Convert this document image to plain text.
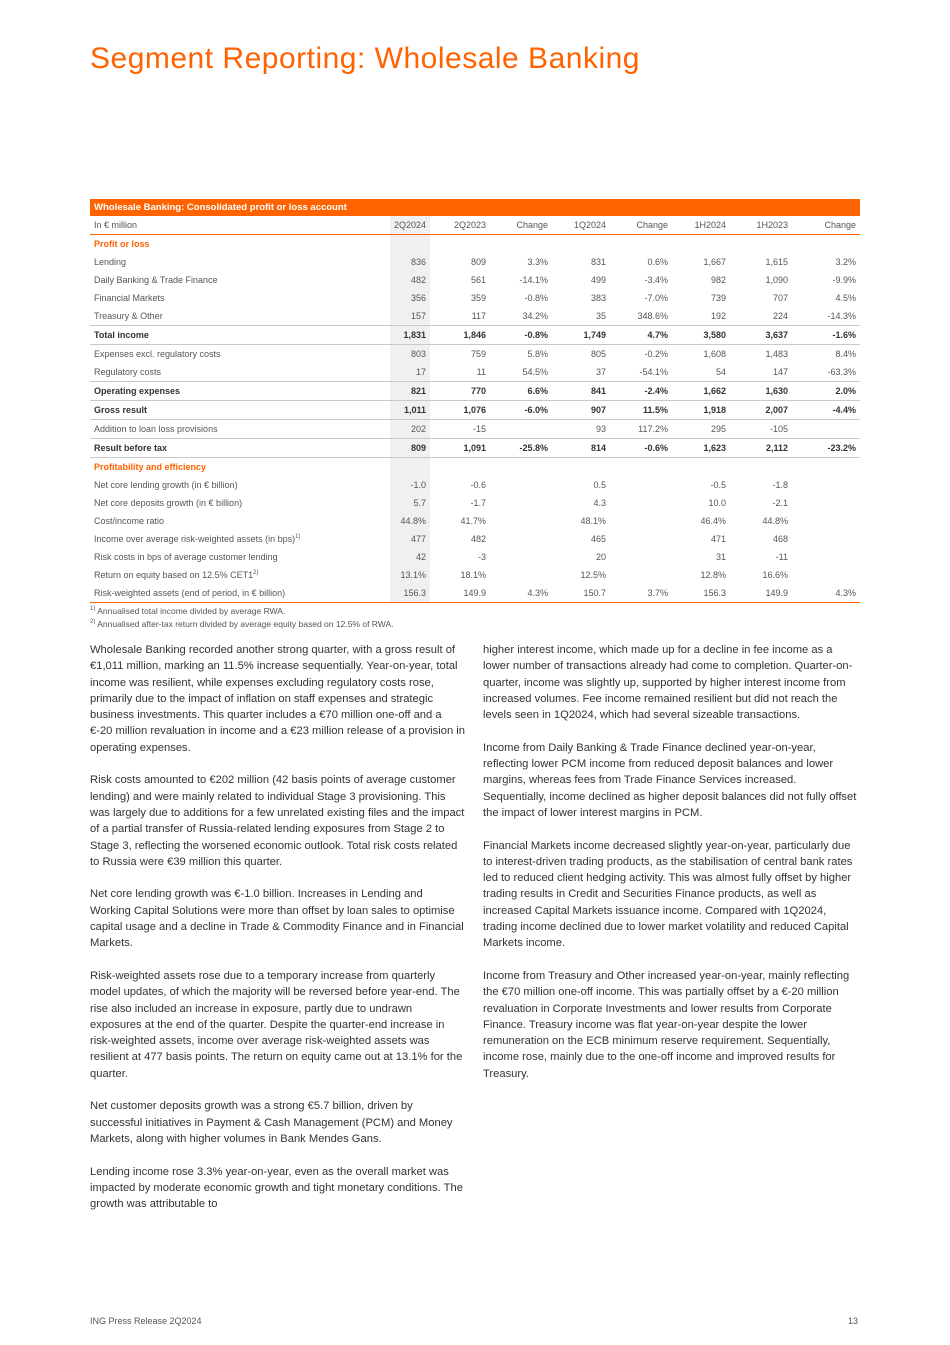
Segment Reporting: Wholesale Banking
Wholesale Banking: Consolidated profit or loss account
In € million	2Q2024	2Q2023	Change	1Q2024	Change	1H2024	1H2023	Change
Profit or loss								
Lending	836	809	3.3%	831	0.6%	1,667	1,615	3.2%
Daily Banking & Trade Finance	482	561	-14.1%	499	-3.4%	982	1,090	-9.9%
Financial Markets	356	359	-0.8%	383	-7.0%	739	707	4.5%
Treasury & Other	157	117	34.2%	35	348.6%	192	224	-14.3%
Total income	1,831	1,846	-0.8%	1,749	4.7%	3,580	3,637	-1.6%
Expenses excl. regulatory costs	803	759	5.8%	805	-0.2%	1,608	1,483	8.4%
Regulatory costs	17	11	54.5%	37	-54.1%	54	147	-63.3%
Operating expenses	821	770	6.6%	841	-2.4%	1,662	1,630	2.0%
Gross result	1,011	1,076	-6.0%	907	11.5%	1,918	2,007	-4.4%
Addition to loan loss provisions	202	-15		93	117.2%	295	-105	
Result before tax	809	1,091	-25.8%	814	-0.6%	1,623	2,112	-23.2%
Profitability and efficiency								
Net core lending growth (in € billion)	-1.0	-0.6		0.5		-0.5	-1.8	
Net core deposits growth (in € billion)	5.7	-1.7		4.3		10.0	-2.1	
Cost/income ratio	44.8%	41.7%		48.1%		46.4%	44.8%	
Income over average risk-weighted assets (in bps)$^{1)}$	477	482		465		471	468	
Risk costs in bps of average customer lending	42	-3		20		31	-11	
Return on equity based on 12.5% CET1$^{2)}$	13.1%	18.1%		12.5%		12.8%	16.6%	
Risk-weighted assets (end of period, in € billion)	156.3	149.9	4.3%	150.7	3.7%	156.3	149.9	4.3%
$^{1)}$ Annualised total income divided by average RWA.
$^{2)}$ Annualised after-tax return divided by average equity based on 12.5% of RWA.

Wholesale Banking recorded another strong quarter, with a gross result of €1,011 million, marking an 11.5% increase sequentially. Year-on-year, total income was resilient, while expenses excluding regulatory costs rose, primarily due to the impact of inflation on staff expenses and strategic business investments. This quarter includes a €70 million one-off and a €-20 million revaluation in income and a €23 million release of a provision in operating expenses.

Risk costs amounted to €202 million (42 basis points of average customer lending) and were mainly related to individual Stage 3 provisioning. This was largely due to additions for a few unrelated existing files and the impact of a partial transfer of Russia-related lending exposures from Stage 2 to Stage 3, reflecting the worsened economic outlook. Total risk costs related to Russia were €39 million this quarter.

Net core lending growth was €-1.0 billion. Increases in Lending and Working Capital Solutions were more than offset by loan sales to optimise capital usage and a decline in Trade & Commodity Finance and in Financial Markets.

Risk-weighted assets rose due to a temporary increase from quarterly model updates, of which the majority will be reversed before year-end. The rise also included an increase in exposure, partly due to undrawn exposures at the end of the quarter. Despite the quarter-end increase in risk-weighted assets, income over average risk-weighted assets was resilient at 477 basis points. The return on equity came out at 13.1% for the quarter.

Net customer deposits growth was a strong €5.7 billion, driven by successful initiatives in Payment & Cash Management (PCM) and Money Markets, along with higher volumes in Bank Mendes Gans.

Lending income rose 3.3% year-on-year, even as the overall market was impacted by moderate economic growth and tight monetary conditions. The growth was attributable to

higher interest income, which made up for a decline in fee income as a lower number of transactions already had come to completion. Quarter-on-quarter, income was slightly up, supported by higher interest income from increased volumes. Fee income remained resilient but did not reach the levels seen in 1Q2024, which had several sizeable transactions.

Income from Daily Banking & Trade Finance declined year-on-year, reflecting lower PCM income from reduced deposit balances and lower margins, whereas fees from Trade Finance Services increased. Sequentially, income declined as higher deposit balances did not fully offset the impact of lower interest margins in PCM.

Financial Markets income decreased slightly year-on-year, particularly due to interest-driven trading products, as the stabilisation of central bank rates led to reduced client hedging activity. This was almost fully offset by higher trading results in Credit and Securities Finance products, as well as increased Capital Markets issuance income. Compared with 1Q2024, trading income declined due to lower market volatility and reduced Capital Markets income.

Income from Treasury and Other increased year-on-year, mainly reflecting the €70 million one-off income. This was partially offset by a €-20 million revaluation in Corporate Investments and lower results from Corporate Finance. Treasury income was flat year-on-year despite the lower remuneration on the ECB minimum reserve requirement. Sequentially, income rose, mainly due to the one-off income and improved results for Treasury.

ING Press Release 2Q2024	13
